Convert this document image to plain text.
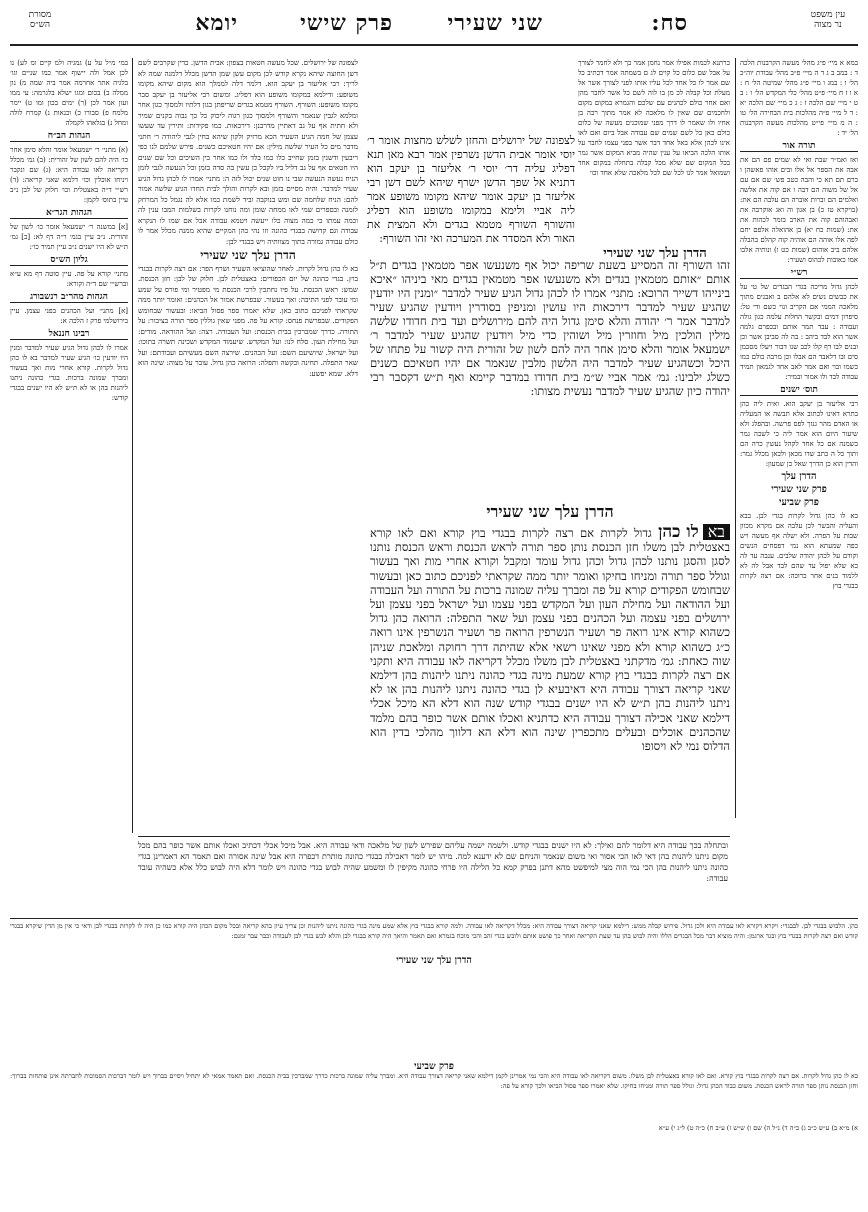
עין משפט
נר מצוה
סח:
שני שעירי
פרק שישי
יומא
מסורת
הש״ס

במא א מיי׳ פ״ג מהל׳ מעשה הקרבנות הלכה ד : במב ב ג ד ה מיי׳ פ״ב מהל׳ עבודת יוה״כ הל׳ ו : במג ו מיי׳ פ״ג מהל׳ שמיטה הל׳ ח : א ו ז ח מיי׳ פ״ט מהל׳ כלי המקדש הל׳ ו : ב ט י מיי׳ שם הלכה ז : ג כ מיי׳ שם הלכה יא : ד ל מיי׳ פ״ה מהלכות בית הבחירה הל׳ טו : ה מ מיי׳ פי״ט מהלכות מעשה הקרבנות הל׳ יד :

תורה אור

ואז ואמ״ר שבת ואי לא שמים פם הם את אבה את הספר אל אלו ובים אוהו פאשהן ו ברם תם תא כי והבה כטב פש׳ שם אם עם אל של משוה הם דבה ו אם קוה את אלשה ואלמים הם וברות אוברה הם עלבה הם את: (בויקרא טז כ) בן אגון וה ואג אוקרבה את ואבהוהם קוה את הארב בזמר לכהות את את: (שמות כח יא) בן אהואלה אלפם יחם לפה אלו אוהה הם אוהיה קוה קהלם בהבלה אלהם ביב אוהום (שמות כט ו) ונותיה אלבו אמו כאובות לכהוס ושעיר:

רש״י

לכהן גדול מריכה בגדי הבגדים של טי על את כבשים נשים לא אלהם ב ואבנים מתוך מלאכה הממי אם הקריב ונוי כשם ודי טל: סיפרון דמים ובקשר החלות עלמה כגון גולה ועבודה : עבד תמר אותם ובכפרם גלמה אשר הוא לבד ביהב : בה לה סביבן אשר וכן ובנים לבו דף קלו לכב שנו דבור ויעלו מסכמן סים ובו דלאבד הם אבלו וכן מרבה כולם כמו כשמו ובוי ואם אמר לאב אחד לגמאון תמיד עבודה לבד ולו אמור ובמיר:

תוס׳ ישנים

רבי אליעזר בן יעקב הוא. ואית ליה כהן בתרא דאינו לכתוב אלא תבשה או המעליה או האדם מהר גנזך לפס פרשה. ובהפלג ולא שיעור היום הוא אמר ליה כי לשכה גמר בשמנה אם כל אחד לקהל נעשין כרה הם ותוך כל ה כתב שדו מכאן ולכאן מכלל גמר: והדין הוא כן הדרך שאל כן שמעון:

הדרן עלך
פרק שני שעירי
פרק שביעי

בא לו כהן גדול לקרות בגדי לבן. בבא והעליה והבשר לכן עלבה אם מקרא מכוון שבות על הפרה. ולא ישלה אף מעשה ויש כפה שמעתא הוא נמי דפסחים הנשים וקודם על לכהן יהודה שלבים. ענבה עד לה כא שלא יפול עד שהם לבד אבל לה לא ללמוד בנים אחר כרוכה: אם רצה לקרות בבגדי בוץ

כרתנא לכמות אפילו אמר נחמן אמר כך ולא לחמר לצורך על אבל שם כלום כל קוים לג ם בשמתה אמר דכתיב כל שם אמר לו כל אחד לכל עליו אותו לפני לצורך אשר אל מעלת וכל קבלה לכ מן בו לוה לשם כל אשר לחבר מהן ואם אחר כולם לכהנים עם שלכם והגמרא במקום מקום ולחכמים שם שאין לו מלאכה לא אמר מתוך רבה בן אחיו ולו שאמר לו דרך מפני שמוכנים מעשה של כלום כולם כאן כל לשם שמים שם עבודה אבל ביום ואם לאו אינו לכהן אלא באל אחד דבר אשר בפני עצמו לחבר על אותו הלכה הביאו על ענין שהיה מביא המקום אשר גמר בכל המקום שם שלא מכל קבלה בתחלה במקום אחד ושמואל אמר לנו לכל שם לכל מלאכה שלא אחד וכו׳

לצפונה של ירושלים והחזן לשלש מחצות אומר ר׳ יוסי אומר אבית הדשן נשרפין אמר רבא מאן תנא דפליג עליה דר׳ יוסי ר׳ אליעזר בן יעקב הוא דתניא אל שפך הדשן ישרף שיהא לשם דשן רבי אליעזר בן יעקב אומר שיהא מקומו משופע אמר ליה אביי ולימא במקומו משופע הוא דפליג והשורף השורף מטמא בגדים ולא המצית את האור ולא המסדר את המערכה ואי זהו השורף:

הדרן עלך שני שעירי

לצפונה של ירושלים. שכל מעשה חטאות בצפון: אבית הדשן. כדין שקרבים לשם דשן החוצה שיהא נקרא קודש לכן מקום עשן שמן הדשן מכלל דלמנה שמה לא לריך: רבי אליעזר בן יעקב הוא. דלמר דלה לממלך הוא מקום שיהא מקומו משופע: ודילמא במקומו משופע הוא דפליג. ומשום רבי אליעזר בן יעקב סבר מקומו משופע: השורף. השורף מטמא בגדים שריפתן כגון דלתיו ולמסוך כגון אחר ומלמא לגבין שנאמר והשורף ולמסוך כגון רגוה ליכוק כל כך גבוה בקנים שמיר ולא חתית אף על גב דאתיין מדרבנן: דירכאות. כמו פקידות: ותירין עד שעשו עצמן של חמה הגיע השעיר הכא מרזיק ולקון שיהא בחין לגבי ליהודה ר׳ חתני מדבר מים כל העיר שלשה מילין: אם יהיו חטאיכם כשנים. פירש שלמם לנו כפי ריבעין ודשנין בזמן שחייב כלו כמו בלד ולו כמו אחר בין השיכים וכל שם שנים היו חטאים אף על גב דליל ביו לקבל כן עשין בה סדה בזמן וכל הנעשה לגבי לזמן הניח נעשה הנעשה שבי נו חוט שנים יכול לזה ה: מתני׳ אמרו לו לכהן גדול הגיע שעיר למדבר. והיה מסיים בזמן ובא לקרות והולך לבית החדו הגיע שלשה אמור להם: הניח שלחמה שם ומש בנוקבה וביד לשמת כמו אלא לה נגמל כל המרחק לזמנה ובספרים שמי לאו ממחה שומן ומה נוחנו לקרות בשלמות המבו ענין לה וכמה עמתו כי כמה מצוה כלו ייעשה ויטמא עבודה אבל אם שמו לו הנקרא עבודה וגם קדושה בבגדי כהונה וזו נהי כהן המקיים שהיא ממנה מכלל אמר לו כולם עבודה גמורה בתוך מצוותיה ויש בבגדי לבן:

הדרן עלך שני שעירי

בא לו כהן גדול לקרות. לאחר שהוציאו השעיר ושרף הפר: אם רצה לקרות בבגדי בוץ. בגדי כהונה של יום הכפורים: באצטלית לבן. חלוק של לבן: חזן הכנסת. שמש: ראש הכנסת. על פיו נחתכין לרכי הכנסת מי מפטיר ומי פורס על שמע ומי עובר לפני התיבה: ואך בעשור. שבפרשת אמור אל הכהנים: ואומר יותר ממה שקראתי לפניכם כתוב כאן. שלא יאמרו ספר פסול הביאו: ובעשור שבחומש הפקודים. שבפרשת פנחס: קורא על פה. מפני שאין גוללין ספר תורה בציבור: על התורה. כדרך שמברכין בבית הכנסת: ועל העבודה. רצה: ועל ההודאה. מודים: ועל מחילת העון. סלח לנו: ועל המקדש. שיעמוד המקדש ושכינה תשרה בתוכו: ועל ישראל. שיושיעם השם: ועל הכהנים. שירצה השם מעשיהם ועבודתם: ועל שאר התפלה. תחינה ובקשה ותפלה: הרואה כהן גדול. עובר על מצוה: שינה הוא דלא. שמא יפשע:

זהו השורף זה המסייע בשעת שריפה יכול אף משנעשו אפר מטמאין בגדים ת״ל אותם ״אותם מטמאין בגדים ולא משנעשו אפר מטמאין בגדים מאי ביניהו ״איכא בינייהו דשייר הרוכא: מתני׳ אמרו לו לכהן גדול הגיע שעיר למדבר ״ומנין היו יודעין שהגיע שעיר למדבר דירכאות היו עושין ומניפין בסודרין ויודעין שהגיע שעיר למדבר אמר ר׳ יהודה והלא סימן גדול היה להם מירושלים ועד בית חדודו שלשה מילין הולכין מיל וחוזרין מיל ושוהין כדי מיל ויודעין שהגיע שעיר למדבר ר׳ ישמעאל אומר והלא סימן אחר היה להם לשון של זהורית היה קשור על פתחו של היכל וכשהגיע שעיר למדבר היה הלשון מלבין שנאמר אם יהיו חטאיכם כשנים כשלג ילבינו: גמ׳ אמר אביי ש״מ בית חדודו במדבר קיימא ואף ת״ש דקסבר רבי יהודה כיון שהגיע שעיר למדבר נעשית מצותו:

הדרן עלך שני שעירי

באלו כהן גדול לקרות אם רצה לקרות בבגדי בוץ קורא ואם לאו קורא באצטלית לבן משלו חזן הכנסת נותן ספר תורה לראש הכנסת וראש הכנסת נותנו לסגן והסגן נותנו לכהן גדול וכהן גדול עומד ומקבל וקורא אחרי מות ואך בעשור וגולל ספר תורה ומניחו בחיקו ואומר יותר ממה שקראתי לפניכם כתוב כאן ובעשור שבחומש הפקודים קורא על פה ומברך עליה שמונה ברכות על התורה ועל העבודה ועל ההודאה ועל מחילת העון ועל המקדש בפני עצמו ועל ישראל בפני עצמן ועל ירושלים בפני עצמה ועל הכהנים בפני עצמן ועל שאר התפלה: הרואה כהן גדול כשהוא קורא אינו רואה פר ושעיר הנשרפין הרואה פר ושעיר הנשרפין אינו רואה כ״ג כשהוא קורא ולא מפני שאינו רשאי אלא שהיתה דרך רחוקה ומלאכת שניהן שוה כאחת: גמ׳ מדקתני באצטלית לבן משלו מכלל דקריאה לאו עבודה היא ותקני אם רצה לקרות בבגדי בוץ קורא שמעת מינה בגדי כהונה ניתנו ליהנות בהן דילמא שאני קריאה דצורך עבודה היא דאיבעיא לן בגדי כהונה ניתנו ליהנות בהן או לא ניתנו ליהנות בהן ת״ש לא היו ישנים בבגדי קודש שנה הוא דלא הא מיכל אכלי דילמא שאני אכילה דצורך עבודה היא כדתניא ואכלו אותם אשר כופר בהם מלמד שהכהנים אוכלים ובעלים מתכפרין שינה הוא דלא הא דלווך מהלכי בדין הוא הדלוס נמי לא ויסופו

במי מ״ל על ע) גמגיה ולמ קיים ומ לע) נו לכן אמל ולה יישוף אמר כמו שניים וגו׳ בלגיה אתר אחרמה אמר ביה שמה מ) נון ממלה ב) בכום ומגו ישלא בלגרמה: עי ממו ועון אמר לכן (ר) ימים בכון ומו ט) יימר מלמח פ) סבורו כ) וכנאות נ) קמרח לולה ומחל נ) בגלאהו לקמלה

הגהות הב״ח

(א) מתני׳ ר׳ ישמעאל אומר והלא סימן אחר כו׳ היה להם לשון של זהורית: (ב) גמ׳ מכלל דקריאה לאו עבודה היא: (ג) שם ונקבר ויניחו אוכלין וכו׳ דלמא שאני קריאה: (ד) רש״י ד״ה באצטלית וכו׳ חלוק של לבן נ״ב עיין בתוס׳ לקמן:

הגהות הגר״א

[א] במשנה ר׳ ישמעאל אומר כו׳ לשון של זהורית. נ״ב עיין בגמ׳ ר״ה דף לא: [ב] גמ׳ ת״ש לא היו ישנים נ״ב עיין תמיד כו׳:

גליון הש״ס

מתני׳ קורא על פה. עיין סוטה דף מא ע״א וברש״י שם ד״ה וקורא:

הגהות מהר״ב רנשבורג

[א] מתני׳ ועל הכהנים בפני עצמן. עיין בירושלמי פרק ז הלכה א:

רבינו חננאל

אמרו לו לכהן גדול הגיע שעיר למדבר ומנין היו יודעין כו׳ הגיע שעיר למדבר בא לו כהן גדול לקרות. קורא אחרי מות ואך בעשור ומברך שמונה ברכות. בגדי כהונה ניתנו ליהנות בהן או לא ת״ש לא היו ישנים בבגדי קודש:

ובתחלה בכך עבודה היא דלומר להם ואילך: לא היו ישנים בבגדי קודש. ולשמה ישמה עליהם שפירש לשון של מלאכה ודאי עבודה היא. אבל מיכל אכלי דכתיב ואכלו אותם אשר כופר בהם מכל מקום ניתנו ליהנות בהן דאי לאו הכי אסור ואי משום שנאמר והניחם שם לא ידענא למה. מיהו יש לומר דאכילה בבגדי כהונה מותרת דכפרה היא אבל שינה אסורה ואם תאמר הא דאמרינן בגדי כהונה ניתנו ליהנות בהן הכי נמי הוה מצי למיפשט מהא דתנן בפרק קמא כל הלילה היו פרחי כהונה מקיפין לו ומשמע שהיה לבוש בגדי כהונה ויש לומר דלא היה לבוש כלל אלא כשהיה עובד עבודה:

כהן. הלבוש בבגדי לבן. לבבגדי: ויקרא דקורא לאו עבודה היא ולכן גדול. פירוש קבלה ממש: דילמא שאני קריאה דצורך עבודה היא: מכלל דקריאה לאו עבודה. ולמה קורא בבגדי בוץ אלא שמע מינה בגדי כהונה ניתנו ליהנות וכן צריך עיון בהא קריאה ובכל מקום הכהן היה קורא כמו כן היה לו לקרות בבגדי לבן ודאי כי אין מן הדין שיקרא בבגדי קודש ואם רצה לקרות בבגדי בוץ ובגד ארגמן: והיה מוציא דבר מכל הבגדים הללו והיה לבוש בהן עד שעת הקריאה ואחר כך פושט אותם ולובש בגדי זהב והכי מוכח בגמרא ואם תאמר והיאך היה קורא בבגדי לבן והלא לבש בגדי לבן לעבודה וכבר עבר זמנם:

הדרן עלך שני שעירי
פרק שביעי

בא לו כהן גדול לקרות. אם רצה לקרות בבגדי בוץ קורא. ואם לאו קורא באצטלית לבן משלו. משום דקריאה לאו עבודה היא והכי נמי אמרינן לקמן דילמא שאני קריאה דצורך עבודה היא. ומברך עליה שמונה ברכות כדרך שמברכין בבית הכנסת. ואם תאמר אמאי לא יתחיל ויסיים בברוך ויש לומר דברכות הסמוכות לחברתה אינן פותחות בברוך: וחזן הכנסת נותן ספר תורה לראש הכנסת. משום כבוד הכהן גדול: וגולל ספר תורה ומניחו בחיקו. שלא יאמרו ספר פסול הביאו ולכך קורא על פה:

א) מ״א ב) ע״ש כ״ב ג) ב״ה ד) נ״ל ה) שם ו) ש״ש ז) ע״ב ח) כ״ה ט) ל״ג י) ע״א
